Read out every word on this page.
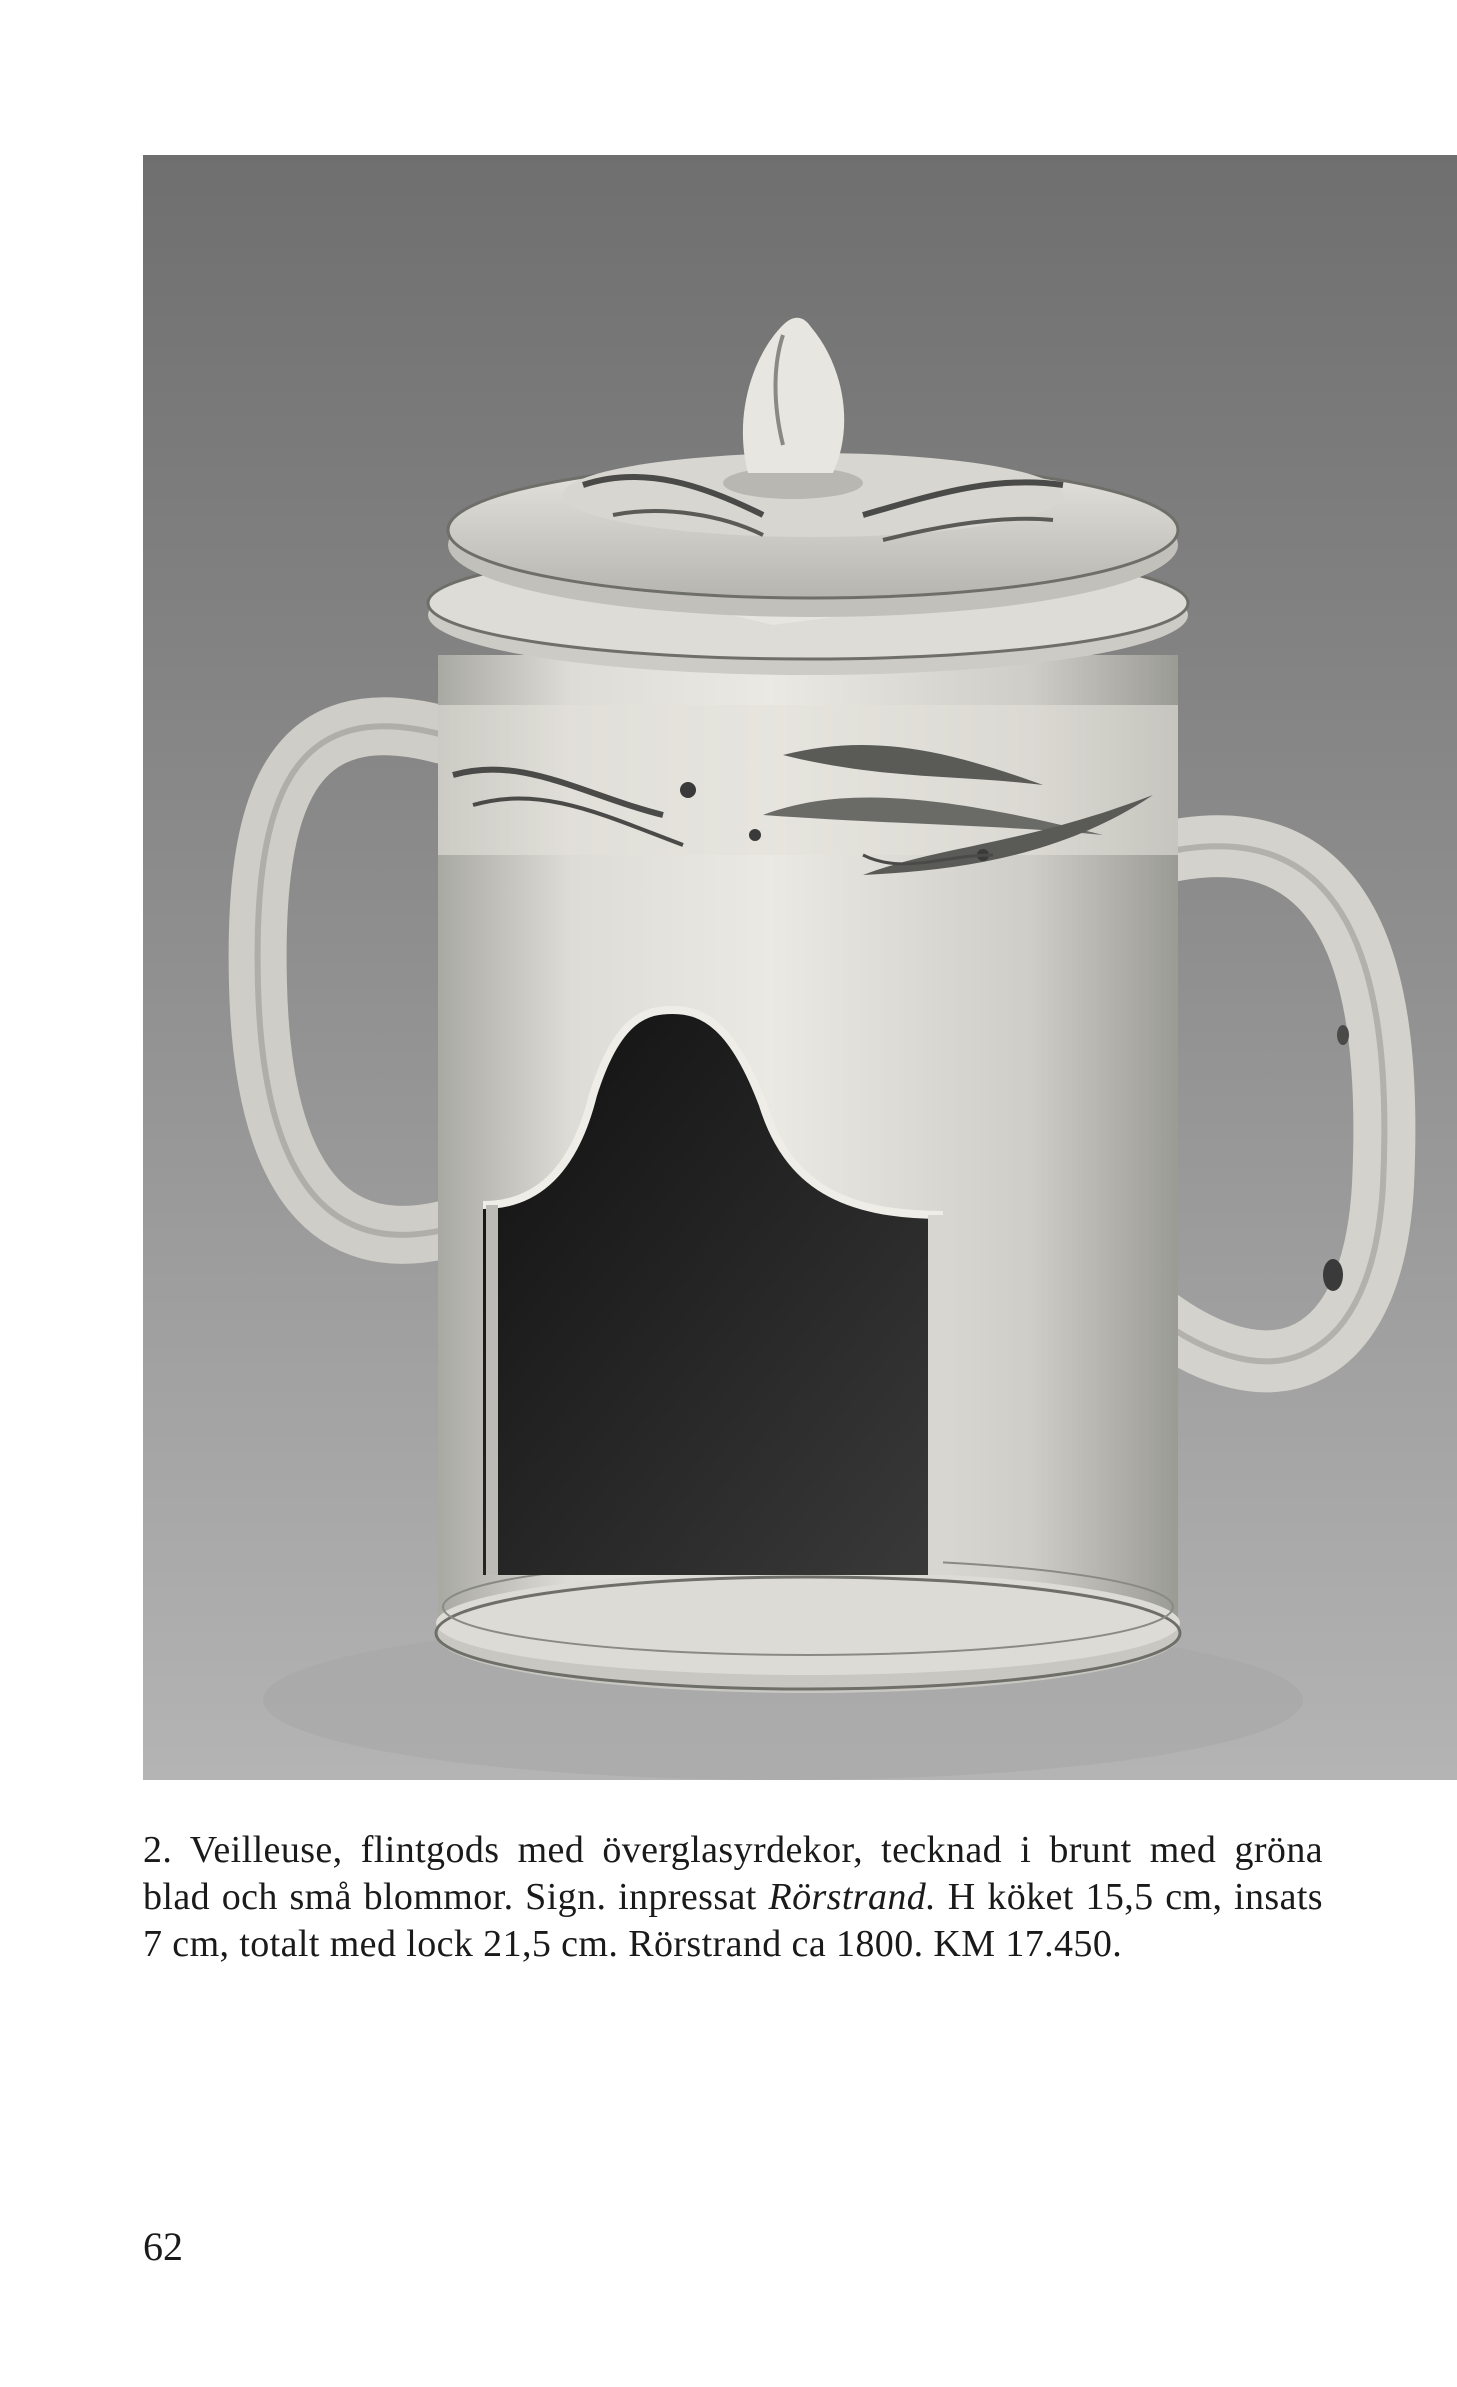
2. Veilleuse, flintgods med överglasyrdekor, tecknad i brunt med gröna blad och små blommor. Sign. inpressat Rörstrand. H köket 15,5 cm, insats 7 cm, totalt med lock 21,5 cm. Rörstrand ca 1800. KM 17.450.

62
